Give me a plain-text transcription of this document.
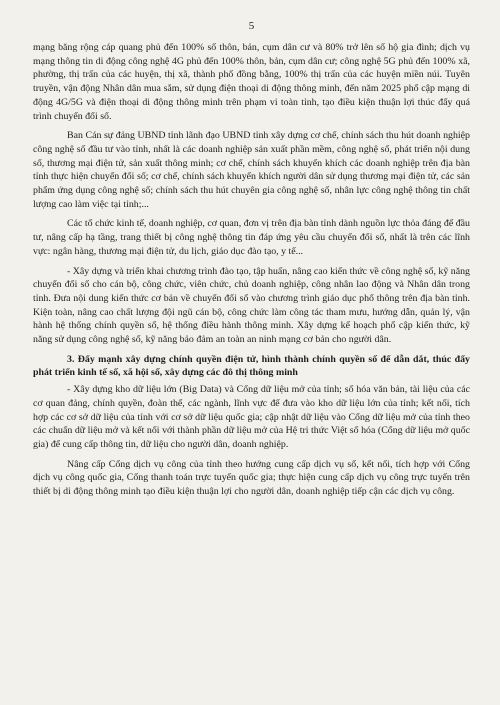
5

mạng băng rộng cáp quang phủ đến 100% số thôn, bản, cụm dân cư và 80% trở lên số hộ gia đình; dịch vụ mạng thông tin di động công nghệ 4G phủ đến 100% thôn, bản, cụm dân cư; công nghệ 5G phủ đến 100% xã, phường, thị trấn của các huyện, thị xã, thành phố đồng bằng, 100% thị trấn của các huyện miền núi. Tuyên truyền, vận động Nhân dân mua sắm, sử dụng điện thoại di động thông minh, đến năm 2025 phổ cập mạng di động 4G/5G và điện thoại di động thông minh trên phạm vi toàn tỉnh, tạo điều kiện thuận lợi thúc đẩy quá trình chuyển đổi số.

Ban Cán sự đảng UBND tỉnh lãnh đạo UBND tỉnh xây dựng cơ chế, chính sách thu hút doanh nghiệp công nghệ số đầu tư vào tỉnh, nhất là các doanh nghiệp sản xuất phần mềm, công nghệ số, phát triển nội dung số, thương mại điện tử, sản xuất thông minh; cơ chế, chính sách khuyến khích các doanh nghiệp trên địa bàn tỉnh thực hiện chuyển đổi số; cơ chế, chính sách khuyến khích người dân sử dụng thương mại điện tử, các sản phẩm ứng dụng công nghệ số; chính sách thu hút chuyên gia công nghệ số, nhân lực công nghệ thông tin chất lượng cao làm việc tại tỉnh;...

Các tổ chức kinh tế, doanh nghiệp, cơ quan, đơn vị trên địa bàn tỉnh dành nguồn lực thỏa đáng để đầu tư, nâng cấp hạ tầng, trang thiết bị công nghệ thông tin đáp ứng yêu cầu chuyển đổi số, nhất là trên các lĩnh vực: ngân hàng, thương mại điện tử, du lịch, giáo dục đào tạo, y tế...

- Xây dựng và triển khai chương trình đào tạo, tập huấn, nâng cao kiến thức về công nghệ số, kỹ năng chuyển đổi số cho cán bộ, công chức, viên chức, chủ doanh nghiệp, công nhân lao động và Nhân dân trong tỉnh. Đưa nội dung kiến thức cơ bản về chuyển đổi số vào chương trình giáo dục phổ thông trên địa bàn tỉnh. Kiện toàn, nâng cao chất lượng đội ngũ cán bộ, công chức làm công tác tham mưu, hướng dẫn, quản lý, vận hành hệ thống chính quyền số, hệ thống điều hành thông minh. Xây dựng kế hoạch phổ cập kiến thức, kỹ năng sử dụng công nghệ số, kỹ năng bảo đảm an toàn an ninh mạng cơ bản cho người dân.

3. Đẩy mạnh xây dựng chính quyền điện tử, hình thành chính quyền số để dẫn dắt, thúc đẩy phát triển kinh tế số, xã hội số, xây dựng các đô thị thông minh

- Xây dựng kho dữ liệu lớn (Big Data) và Cổng dữ liệu mở của tỉnh; số hóa văn bản, tài liệu của các cơ quan đảng, chính quyền, đoàn thể, các ngành, lĩnh vực để đưa vào kho dữ liệu lớn của tỉnh; kết nối, tích hợp các cơ sở dữ liệu của tỉnh với cơ sở dữ liệu quốc gia; cập nhật dữ liệu vào Cổng dữ liệu mở của tỉnh theo các chuẩn dữ liệu mở và kết nối với thành phần dữ liệu mở của Hệ tri thức Việt số hóa (Cổng dữ liệu mở quốc gia) để cung cấp thông tin, dữ liệu cho người dân, doanh nghiệp.

Nâng cấp Cổng dịch vụ công của tỉnh theo hướng cung cấp dịch vụ số, kết nối, tích hợp với Cổng dịch vụ công quốc gia, Cổng thanh toán trực tuyến quốc gia; thực hiện cung cấp dịch vụ công trực tuyến trên thiết bị di động thông minh tạo điều kiện thuận lợi cho người dân, doanh nghiệp tiếp cận các dịch vụ công.
